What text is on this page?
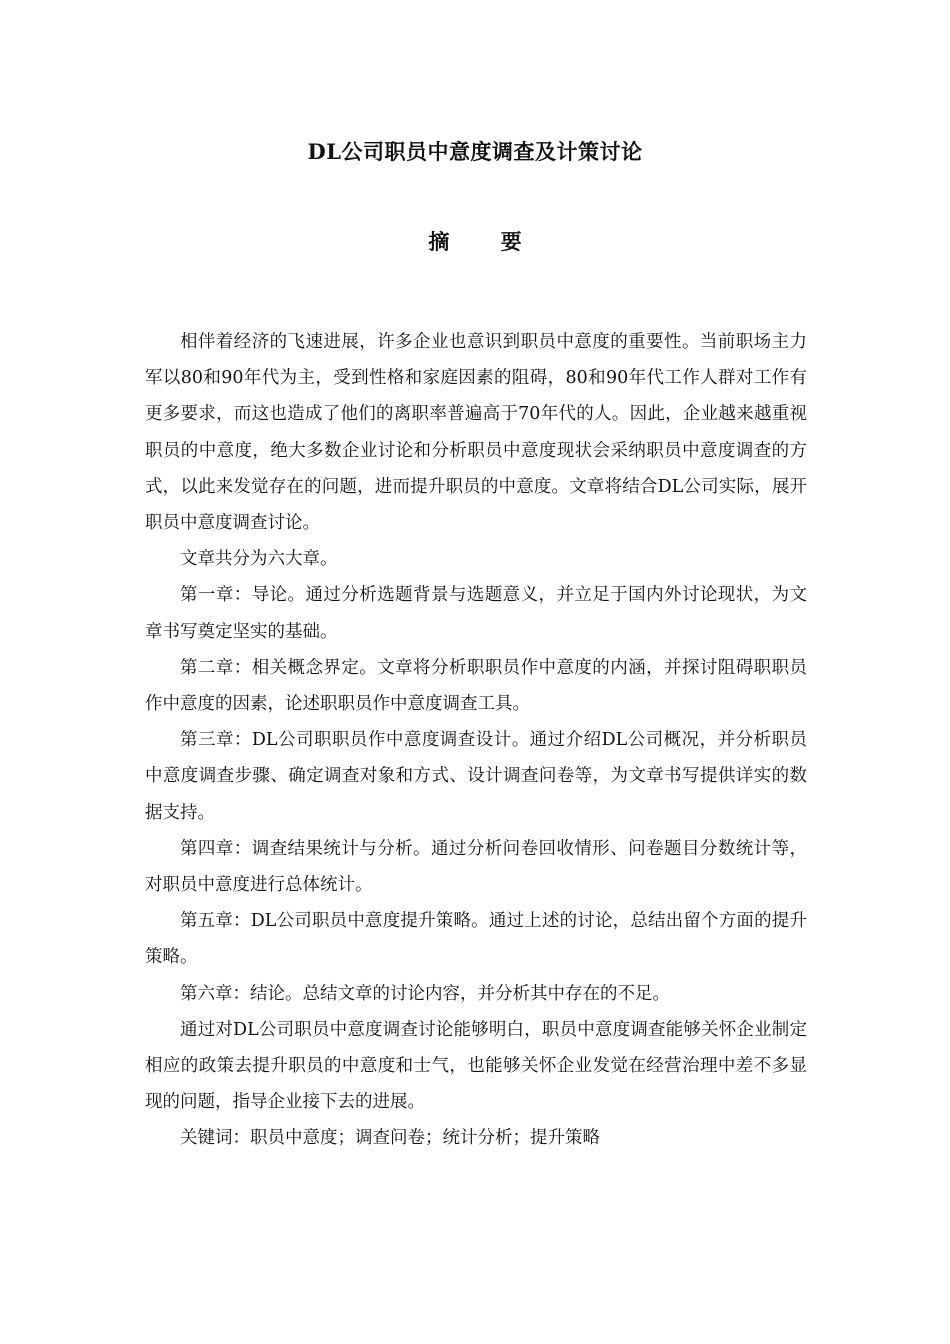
DL公司职员中意度调查及计策讨论
摘 要

相伴着经济的飞速进展，许多企业也意识到职员中意度的重要性。当前职场主力军以80和90年代为主，受到性格和家庭因素的阻碍，80和90年代工作人群对工作有更多要求，而这也造成了他们的离职率普遍高于70年代的人。因此，企业越来越重视职员的中意度，绝大多数企业讨论和分析职员中意度现状会采纳职员中意度调查的方式，以此来发觉存在的问题，进而提升职员的中意度。文章将结合DL公司实际，展开职员中意度调查讨论。

文章共分为六大章。

第一章：导论。通过分析选题背景与选题意义，并立足于国内外讨论现状，为文章书写奠定坚实的基础。

第二章：相关概念界定。文章将分析职职员作中意度的内涵，并探讨阻碍职职员作中意度的因素，论述职职员作中意度调查工具。

第三章：DL公司职职员作中意度调查设计。通过介绍DL公司概况，并分析职员中意度调查步骤、确定调查对象和方式、设计调查问卷等，为文章书写提供详实的数据支持。

第四章：调查结果统计与分析。通过分析问卷回收情形、问卷题目分数统计等，对职员中意度进行总体统计。

第五章：DL公司职员中意度提升策略。通过上述的讨论，总结出留个方面的提升策略。

第六章：结论。总结文章的讨论内容，并分析其中存在的不足。

通过对DL公司职员中意度调查讨论能够明白，职员中意度调查能够关怀企业制定相应的政策去提升职员的中意度和士气，也能够关怀企业发觉在经营治理中差不多显现的问题，指导企业接下去的进展。

关键词：职员中意度；调查问卷；统计分析；提升策略
